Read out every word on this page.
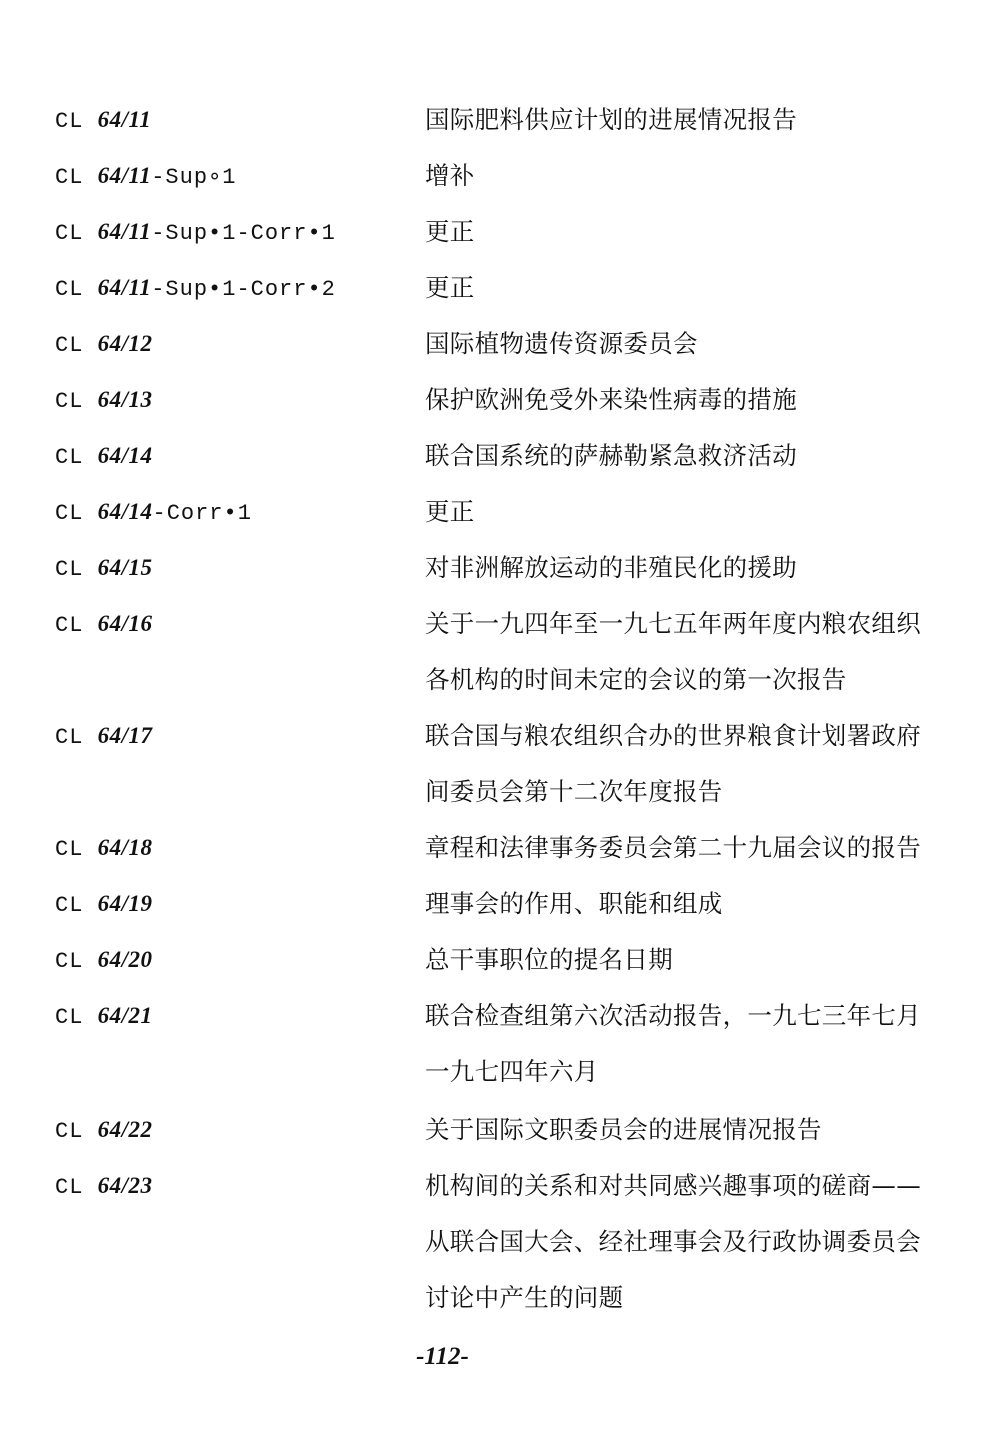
CL 64/11	国际肥料供应计划的进展情况报告
CL 64/11-Sup∘1	增补
CL 64/11-Sup•1-Corr•1	更正
CL 64/11-Sup•1-Corr•2	更正
CL 64/12	国际植物遗传资源委员会
CL 64/13	保护欧洲免受外来染性病毒的措施
CL 64/14	联合国系统的萨赫勒紧急救济活动
CL 64/14-Corr•1	更正
CL 64/15	对非洲解放运动的非殖民化的援助
CL 64/16	关于一九四年至一九七五年两年度内粮农组织
各机构的时间未定的会议的第一次报告
CL 64/17	联合国与粮农组织合办的世界粮食计划署政府
间委员会第十二次年度报告
CL 64/18	章程和法律事务委员会第二十九届会议的报告
CL 64/19	理事会的作用、职能和组成
CL 64/20	总干事职位的提名日期
CL 64/21	联合检查组第六次活动报告，一九七三年七月
一九七四年六月
CL 64/22	关于国际文职委员会的进展情况报告
CL 64/23	机构间的关系和对共同感兴趣事项的磋商——
从联合国大会、经社理事会及行政协调委员会
讨论中产生的问题
-112-
